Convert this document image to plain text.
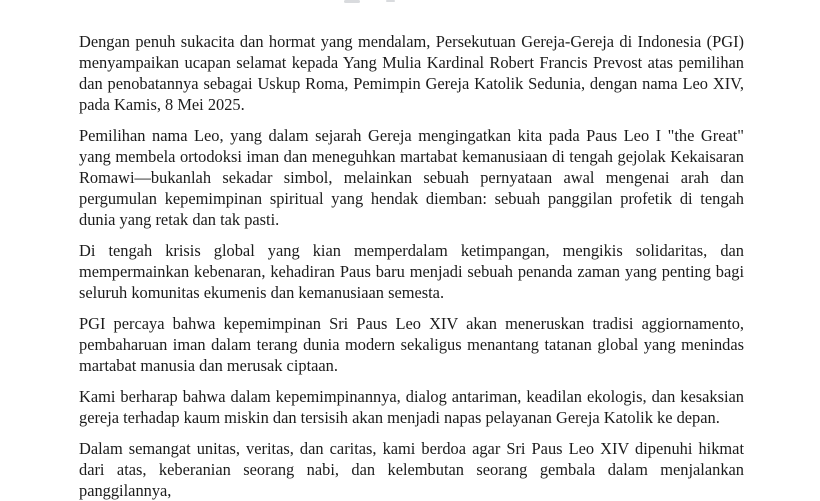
Dengan penuh sukacita dan hormat yang mendalam, Persekutuan Gereja-Gereja di Indonesia (PGI) menyampaikan ucapan selamat kepada Yang Mulia Kardinal Robert Francis Prevost atas pemilihan dan penobatannya sebagai Uskup Roma, Pemimpin Gereja Katolik Sedunia, dengan nama Leo XIV, pada Kamis, 8 Mei 2025.

Pemilihan nama Leo, yang dalam sejarah Gereja mengingatkan kita pada Paus Leo I "the Great" yang membela ortodoksi iman dan meneguhkan martabat kemanusiaan di tengah gejolak Kekaisaran Romawi—bukanlah sekadar simbol, melainkan sebuah pernyataan awal mengenai arah dan pergumulan kepemimpinan spiritual yang hendak diemban: sebuah panggilan profetik di tengah dunia yang retak dan tak pasti.

Di tengah krisis global yang kian memperdalam ketimpangan, mengikis solidaritas, dan mempermainkan kebenaran, kehadiran Paus baru menjadi sebuah penanda zaman yang penting bagi seluruh komunitas ekumenis dan kemanusiaan semesta.

PGI percaya bahwa kepemimpinan Sri Paus Leo XIV akan meneruskan tradisi aggiornamento, pembaharuan iman dalam terang dunia modern sekaligus menantang tatanan global yang menindas martabat manusia dan merusak ciptaan.

Kami berharap bahwa dalam kepemimpinannya, dialog antariman, keadilan ekologis, dan kesaksian gereja terhadap kaum miskin dan tersisih akan menjadi napas pelayanan Gereja Katolik ke depan.

Dalam semangat unitas, veritas, dan caritas, kami berdoa agar Sri Paus Leo XIV dipenuhi hikmat dari atas, keberanian seorang nabi, dan kelembutan seorang gembala dalam menjalankan panggilannya,
